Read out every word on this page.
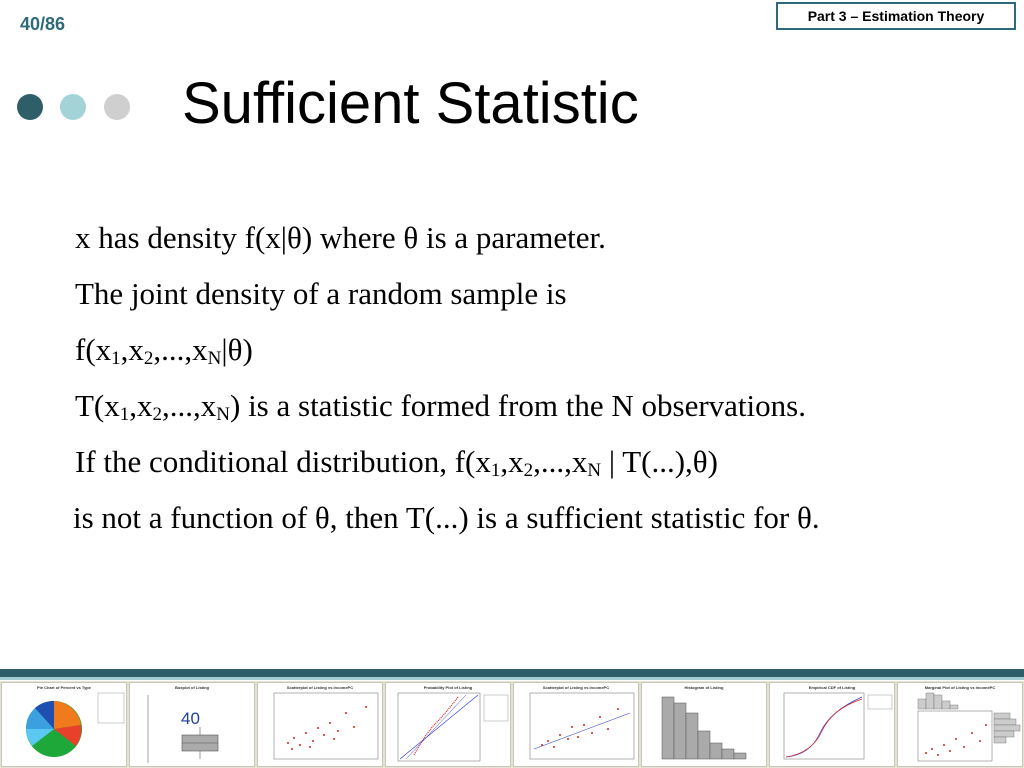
40/86	Part 3 – Estimation Theory
Sufficient Statistic
x has density f(x|θ) where θ is a parameter.
The joint density of a random sample is
$f(x_1,x_2,...,x_N|\theta)$
$T(x_1,x_2,...,x_N)$ is a statistic formed from the N observations.
If the conditional distribution, $f(x_1,x_2,...,x_N$ | T(...),θ)
is not a function of θ, then T(...) is a sufficient statistic for θ.
Pie Chart of Percent vs Type	Boxplot of Listing	Scatterplot of Listing vs IncomePC	Probability Plot of Listing	Scatterplot of Listing vs IncomePC	Histogram of Listing	Empirical CDF of Listing	Marginal Plot of Listing vs IncomePC
40
